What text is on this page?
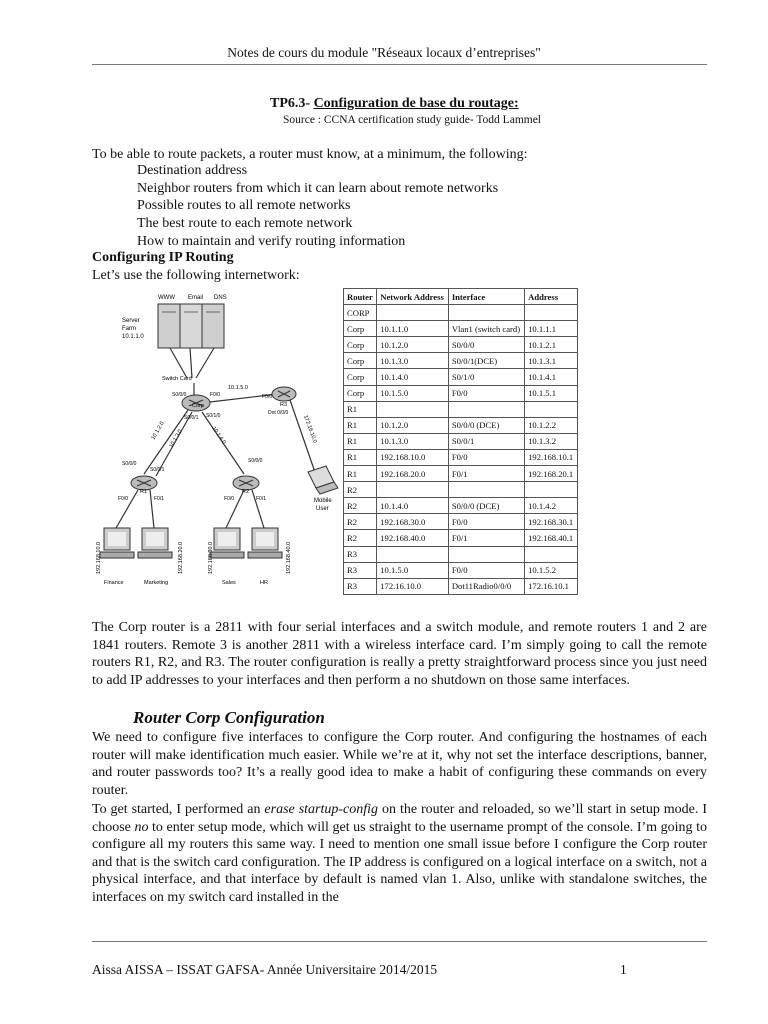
Notes de cours du module "Réseaux locaux d’entreprises"
TP6.3- Configuration de base du routage:
Source : CCNA certification study guide- Todd Lammel
To be able to route packets, a router must know, at a minimum, the following:
Destination address
Neighbor routers from which it can learn about remote networks
Possible routes to all remote networks
The best route to each remote network
How to maintain and verify routing information
Configuring IP Routing
Let’s use the following internetwork:
WWW Email DNS
Server
Farm
10.1.1.0
Switch Card
Corp
S0/0/0	F0/0
S0/0/1 S0/1/0
10.1.5.0
10.1.2.0 10.1.3.0	10.1.4.0
R3
F0/0
Dot 0/0/0
172.16.10.0
Mobile
User
R1
S0/0/0
S0/0/1
F0/0	F0/1
R2
S0/0/0
F0/0	F0/1
192.168.10.0	192.168.20.0	192.168.30.0	192.168.40.0
Finance	Marketing	Sales	HR
Router	Network Address	Interface	Address
CORP			
Corp	10.1.1.0	Vlan1 (switch card)	10.1.1.1
Corp	10.1.2.0	S0/0/0	10.1.2.1
Corp	10.1.3.0	S0/0/1(DCE)	10.1.3.1
Corp	10.1.4.0	S0/1/0	10.1.4.1
Corp	10.1.5.0	F0/0	10.1.5.1
R1			
R1	10.1.2.0	S0/0/0 (DCE)	10.1.2.2
R1	10.1.3.0	S0/0/1	10.1.3.2
R1	192.168.10.0	F0/0	192.168.10.1
R1	192.168.20.0	F0/1	192.168.20.1
R2			
R2	10.1.4.0	S0/0/0 (DCE)	10.1.4.2
R2	192.168.30.0	F0/0	192.168.30.1
R2	192.168.40.0	F0/1	192.168.40.1
R3			
R3	10.1.5.0	F0/0	10.1.5.2
R3	172.16.10.0	Dot11Radio0/0/0	172.16.10.1
The Corp router is a 2811 with four serial interfaces and a switch module, and remote routers 1 and 2 are 1841 routers. Remote 3 is another 2811 with a wireless interface card. I’m simply going to call the remote routers R1, R2, and R3. The router configuration is really a pretty straightforward process since you just need to add IP addresses to your interfaces and then perform a no shutdown on those same interfaces.
Router Corp Configuration
We need to configure five interfaces to configure the Corp router. And configuring the hostnames of each router will make identification much easier. While we’re at it, why not set the interface descriptions, banner, and router passwords too? It’s a really good idea to make a habit of configuring these commands on every router.
To get started, I performed an erase startup-config on the router and reloaded, so we’ll start in setup mode. I choose no to enter setup mode, which will get us straight to the username prompt of the console. I’m going to configure all my routers this same way. I need to mention one small issue before I configure the Corp router and that is the switch card configuration. The IP address is configured on a logical interface on a switch, not a physical interface, and that interface by default is named vlan 1. Also, unlike with standalone switches, the interfaces on my switch card installed in the
Aissa AISSA – ISSAT GAFSA- Année Universitaire 2014/2015	1
